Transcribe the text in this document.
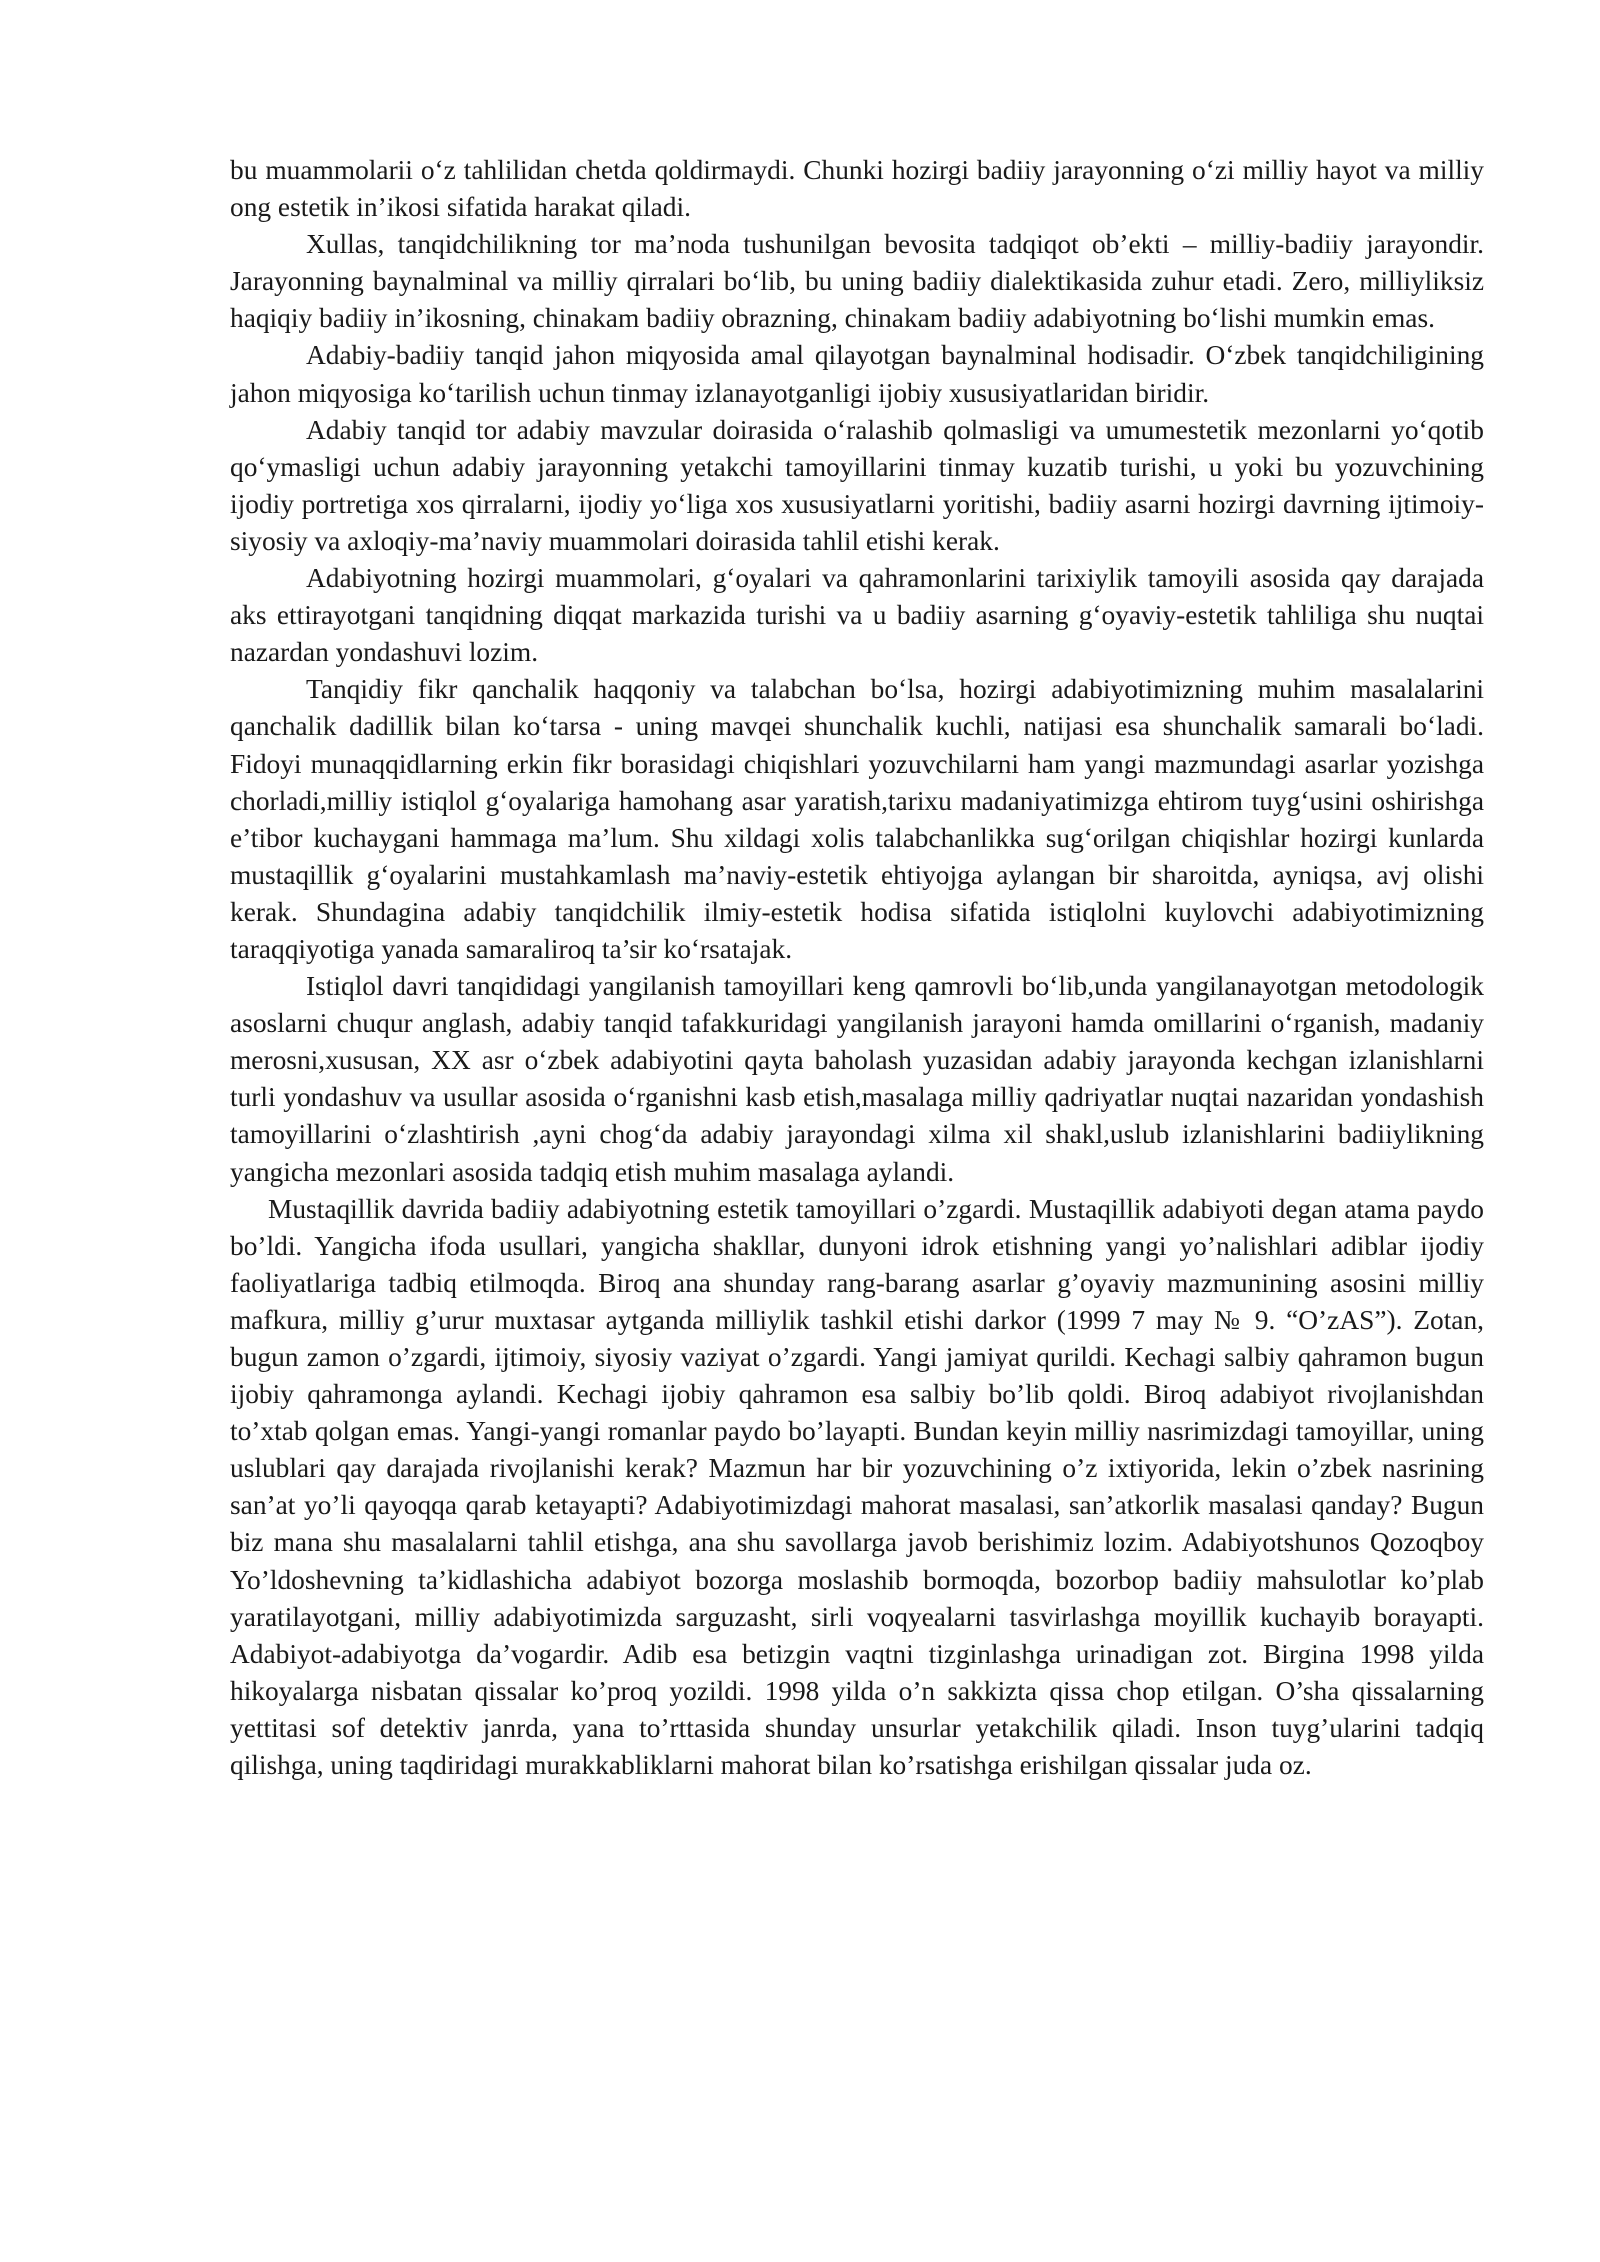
bu muammolarii o‘z tahlilidan chetda qoldirmaydi. Chunki hozirgi badiiy jarayonning o‘zi milliy hayot va milliy ong estetik in’ikosi sifatida harakat qiladi.

Xullas, tanqidchilikning tor ma’noda tushunilgan bevosita tadqiqot ob’ekti – milliy-badiiy jarayondir. Jarayonning baynalminal va milliy qirralari bo‘lib, bu uning badiiy dialektikasida zuhur etadi. Zero, milliyliksiz haqiqiy badiiy in’ikosning, chinakam badiiy obrazning, chinakam badiiy adabiyotning bo‘lishi mumkin emas.

Adabiy-badiiy tanqid jahon miqyosida amal qilayotgan baynalminal hodisadir. O‘zbek tanqidchiligining jahon miqyosiga ko‘tarilish uchun tinmay izlanayotganligi ijobiy xususiyatlaridan biridir.

Adabiy tanqid tor adabiy mavzular doirasida o‘ralashib qolmasligi va umumestetik mezonlarni yo‘qotib qo‘ymasligi uchun adabiy jarayonning yetakchi tamoyillarini tinmay kuzatib turishi, u yoki bu yozuvchining ijodiy portretiga xos qirralarni, ijodiy yo‘liga xos xususiyatlarni yoritishi, badiiy asarni hozirgi davrning ijtimoiy-siyosiy va axloqiy-ma’naviy muammolari doirasida tahlil etishi kerak.

Adabiyotning hozirgi muammolari, g‘oyalari va qahramonlarini tarixiylik tamoyili asosida qay darajada aks ettirayotgani tanqidning diqqat markazida turishi va u badiiy asarning g‘oyaviy-estetik tahliliga shu nuqtai nazardan yondashuvi lozim.

Tanqidiy fikr qanchalik haqqoniy va talabchan bo‘lsa, hozirgi adabiyotimizning muhim masalalarini qanchalik dadillik bilan ko‘tarsa - uning mavqei shunchalik kuchli, natijasi esa shunchalik samarali bo‘ladi. Fidoyi munaqqidlarning erkin fikr borasidagi chiqishlari yozuvchilarni ham yangi mazmundagi asarlar yozishga chorladi,milliy istiqlol g‘oyalariga hamohang asar yaratish,tarixu madaniyatimizga ehtirom tuyg‘usini oshirishga e’tibor kuchaygani hammaga ma’lum. Shu xildagi xolis talabchanlikka sug‘orilgan chiqishlar hozirgi kunlarda mustaqillik g‘oyalarini mustahkamlash ma’naviy-estetik ehtiyojga aylangan bir sharoitda, ayniqsa, avj olishi kerak. Shundagina adabiy tanqidchilik ilmiy-estetik hodisa sifatida istiqlolni kuylovchi adabiyotimizning taraqqiyotiga yanada samaraliroq ta’sir ko‘rsatajak.

Istiqlol davri tanqididagi yangilanish tamoyillari keng qamrovli bo‘lib,unda yangilanayotgan metodologik asoslarni chuqur anglash, adabiy tanqid tafakkuridagi yangilanish jarayoni hamda omillarini o‘rganish, madaniy merosni,xususan, XX asr o‘zbek adabiyotini qayta baholash yuzasidan adabiy jarayonda kechgan izlanishlarni turli yondashuv va usullar asosida o‘rganishni kasb etish,masalaga milliy qadriyatlar nuqtai nazaridan yondashish tamoyillarini o‘zlashtirish ,ayni chog‘da adabiy jarayondagi xilma xil shakl,uslub izlanishlarini badiiylikning yangicha mezonlari asosida tadqiq etish muhim masalaga aylandi.

Mustaqillik davrida badiiy adabiyotning estetik tamoyillari o’zgardi. Mustaqillik adabiyoti degan atama paydo bo’ldi. Yangicha ifoda usullari, yangicha shakllar, dunyoni idrok etishning yangi yo’nalishlari adiblar ijodiy faoliyatlariga tadbiq etilmoqda. Biroq ana shunday rang-barang asarlar g’oyaviy mazmunining asosini milliy mafkura, milliy g’urur muxtasar aytganda milliylik tashkil etishi darkor (1999 7 may № 9. “O’zAS”). Zotan, bugun zamon o’zgardi, ijtimoiy, siyosiy vaziyat o’zgardi. Yangi jamiyat qurildi. Kechagi salbiy qahramon bugun ijobiy qahramonga aylandi. Kechagi ijobiy qahramon esa salbiy bo’lib qoldi. Biroq adabiyot rivojlanishdan to’xtab qolgan emas. Yangi-yangi romanlar paydo bo’layapti. Bundan keyin milliy nasrimizdagi tamoyillar, uning uslublari qay darajada rivojlanishi kerak? Mazmun har bir yozuvchining o’z ixtiyorida, lekin o’zbek nasrining san’at yo’li qayoqqa qarab ketayapti? Adabiyotimizdagi mahorat masalasi, san’atkorlik masalasi qanday? Bugun biz mana shu masalalarni tahlil etishga, ana shu savollarga javob berishimiz lozim. Adabiyotshunos Qozoqboy Yo’ldoshevning ta’kidlashicha adabiyot bozorga moslashib bormoqda, bozorbop badiiy mahsulotlar ko’plab yaratilayotgani, milliy adabiyotimizda sarguzasht, sirli voqyealarni tasvirlashga moyillik kuchayib borayapti. Adabiyot-adabiyotga da’vogardir. Adib esa betizgin vaqtni tizginlashga urinadigan zot. Birgina 1998 yilda hikoyalarga nisbatan qissalar ko’proq yozildi. 1998 yilda o’n sakkizta qissa chop etilgan. O’sha qissalarning yettitasi sof detektiv janrda, yana to’rttasida shunday unsurlar yetakchilik qiladi. Inson tuyg’ularini tadqiq qilishga, uning taqdiridagi murakkabliklarni mahorat bilan ko’rsatishga erishilgan qissalar juda oz.
